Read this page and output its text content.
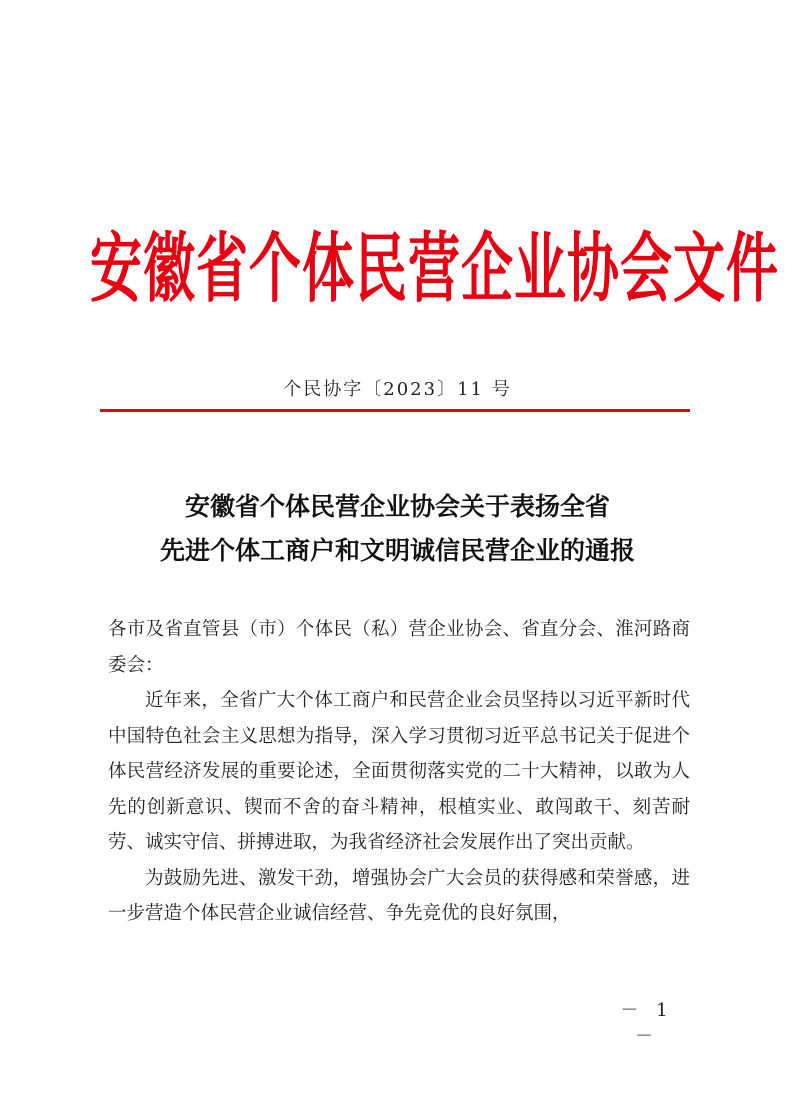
安徽省个体民营企业协会文件
个民协字〔2023〕11 号
安徽省个体民营企业协会关于表扬全省
先进个体工商户和文明诚信民营企业的通报

各市及省直管县（市）个体民（私）营企业协会、省直分会、淮河路商委会：

近年来，全省广大个体工商户和民营企业会员坚持以习近平新时代中国特色社会主义思想为指导，深入学习贯彻习近平总书记关于促进个体民营经济发展的重要论述，全面贯彻落实党的二十大精神，以敢为人先的创新意识、锲而不舍的奋斗精神，根植实业、敢闯敢干、刻苦耐劳、诚实守信、拼搏进取，为我省经济社会发展作出了突出贡献。

为鼓励先进、激发干劲，增强协会广大会员的获得感和荣誉感，进一步营造个体民营企业诚信经营、争先竞优的良好氛围，

－ 1 －
